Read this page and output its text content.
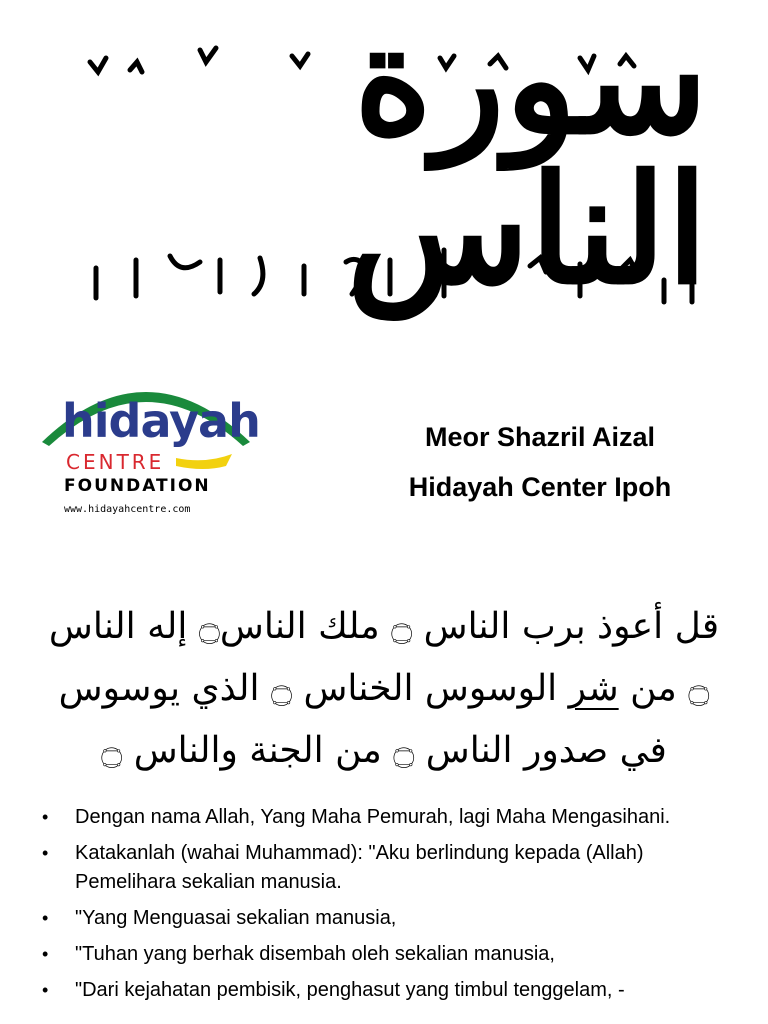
سورة الناس
hidayah
CENTRE
FOUNDATION
www.hidayahcentre.com
Meor Shazril Aizal
Hidayah Center Ipoh
قل أعوذ برب الناس ۝ ملك الناس۝ إله الناس
۝ من شر الوسوس الخناس ۝ الذي يوسوس
في صدور الناس ۝ من الجنة والناس ۝
• Dengan nama Allah, Yang Maha Pemurah, lagi Maha Mengasihani.
• Katakanlah (wahai Muhammad): "Aku berlindung kepada (Allah) Pemelihara sekalian manusia.
• "Yang Menguasai sekalian manusia,
• "Tuhan yang berhak disembah oleh sekalian manusia,
• "Dari kejahatan pembisik, penghasut yang timbul tenggelam, -
